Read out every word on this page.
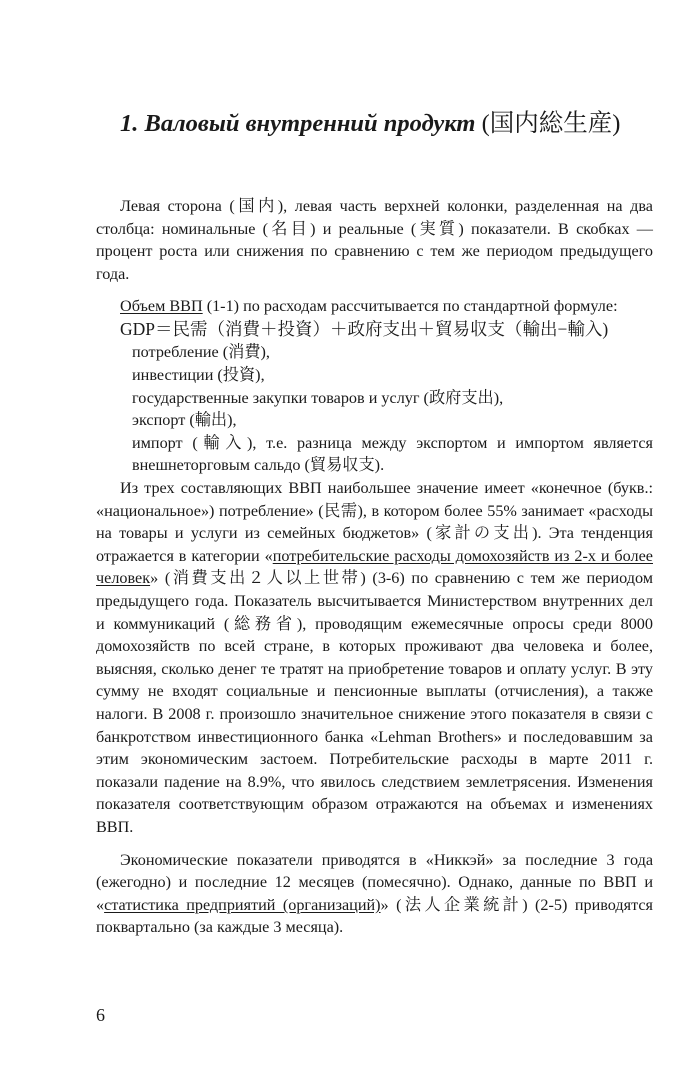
1. Валовый внутренний продукт (国内総生産)

Левая сторона (国内), левая часть верхней колонки, разделенная на два столбца: номинальные (名目) и реальные (実質) показатели. В скобках — процент роста или снижения по сравнению с тем же периодом предыдущего года.

Объем ВВП (1-1) по расходам рассчитывается по стандартной формуле:

GDP＝民需（消費＋投資）＋政府支出＋貿易収支（輸出−輸入)

потребление (消費),

инвестиции (投資),

государственные закупки товаров и услуг (政府支出),

экспорт (輸出),

импорт (輸入), т.е. разница между экспортом и импортом является внешнеторговым сальдо (貿易収支).

Из трех составляющих ВВП наибольшее значение имеет «конечное (букв.: «национальное») потребление» (民需), в котором более 55% занимает «расходы на товары и услуги из семейных бюджетов» (家計の支出). Эта тенденция отражается в категории «потребительские расходы домохозяйств из 2-х и более человек» (消費支出２人以上世帯) (3-6) по сравнению с тем же периодом предыдущего года. Показатель высчитывается Министерством внутренних дел и коммуникаций (総務省), проводящим ежемесячные опросы среди 8000 домохозяйств по всей стране, в которых проживают два человека и более, выясняя, сколько денег те тратят на приобретение товаров и оплату услуг. В эту сумму не входят социальные и пенсионные выплаты (отчисления), а также налоги. В 2008 г. произошло значительное снижение этого показателя в связи с банкротством инвестиционного банка «Lehman Brothers» и последовавшим за этим экономическим застоем. Потребительские расходы в марте 2011 г. показали падение на 8.9%, что явилось следствием землетрясения. Изменения показателя соответствующим образом отражаются на объемах и изменениях ВВП.

Экономические показатели приводятся в «Никкэй» за последние 3 года (ежегодно) и последние 12 месяцев (помесячно). Однако, данные по ВВП и «статистика предприятий (организаций)» (法人企業統計) (2-5) приводятся поквартально (за каждые 3 месяца).

6
